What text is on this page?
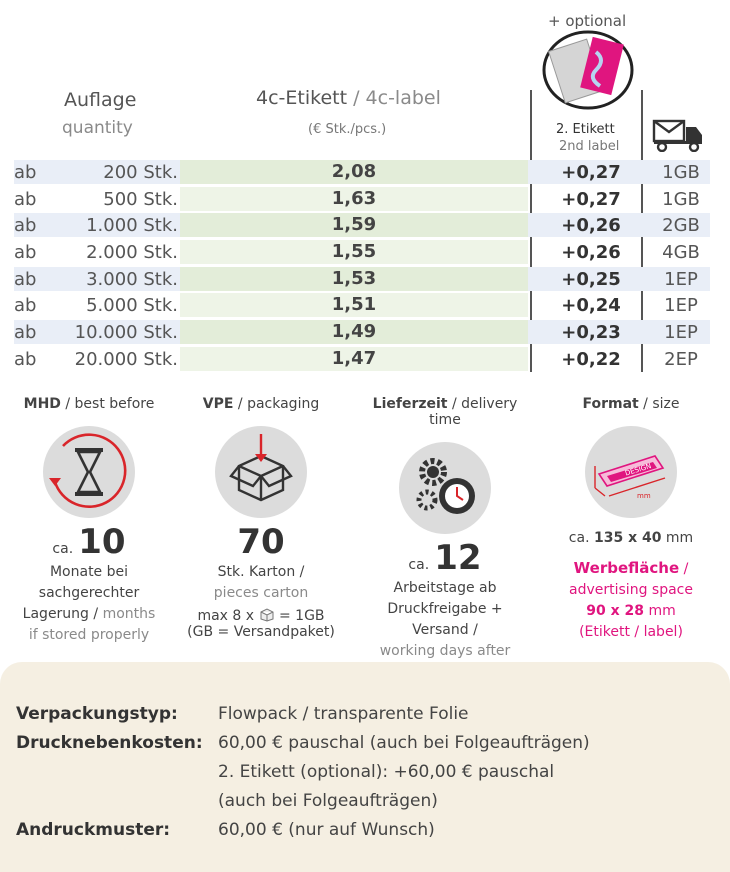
+ optional
Auflage
quantity
4c-Etikett / 4c-label
(€ Stk./pcs.)	2. Etikett
2nd label
ab	200 Stk.	2,08	+0,27	1GB
ab	500 Stk.	1,63	+0,27	1GB
ab	1.000 Stk.	1,59	+0,26	2GB
ab	2.000 Stk.	1,55	+0,26	4GB
ab	3.000 Stk.	1,53	+0,25	1EP
ab	5.000 Stk.	1,51	+0,24	1EP
ab	10.000 Stk.	1,49	+0,23	1EP
ab	20.000 Stk.	1,47	+0,22	2EP
MHD / best before
ca. 10
Monate bei
sachgerechter
Lagerung / months
if stored properly
VPE / packaging
70
Stk. Karton /
pieces carton
max 8 x = 1GB
(GB = Versandpaket)
Lieferzeit / delivery time
ca. 12
Arbeitstage ab
Druckfreigabe + Versand /
working days after
Format / size
DESIGN
mm
ca. 135 x 40 mm
Werbefläche /
advertising space
90 x 28 mm
(Etikett / label)
Verpackungstyp:	Flowpack / transparente Folie
Drucknebenkosten: 60,00 € pauschal (auch bei Folgeaufträgen)
2. Etikett (optional): +60,00 € pauschal
(auch bei Folgeaufträgen)
Andruckmuster:	60,00 € (nur auf Wunsch)
